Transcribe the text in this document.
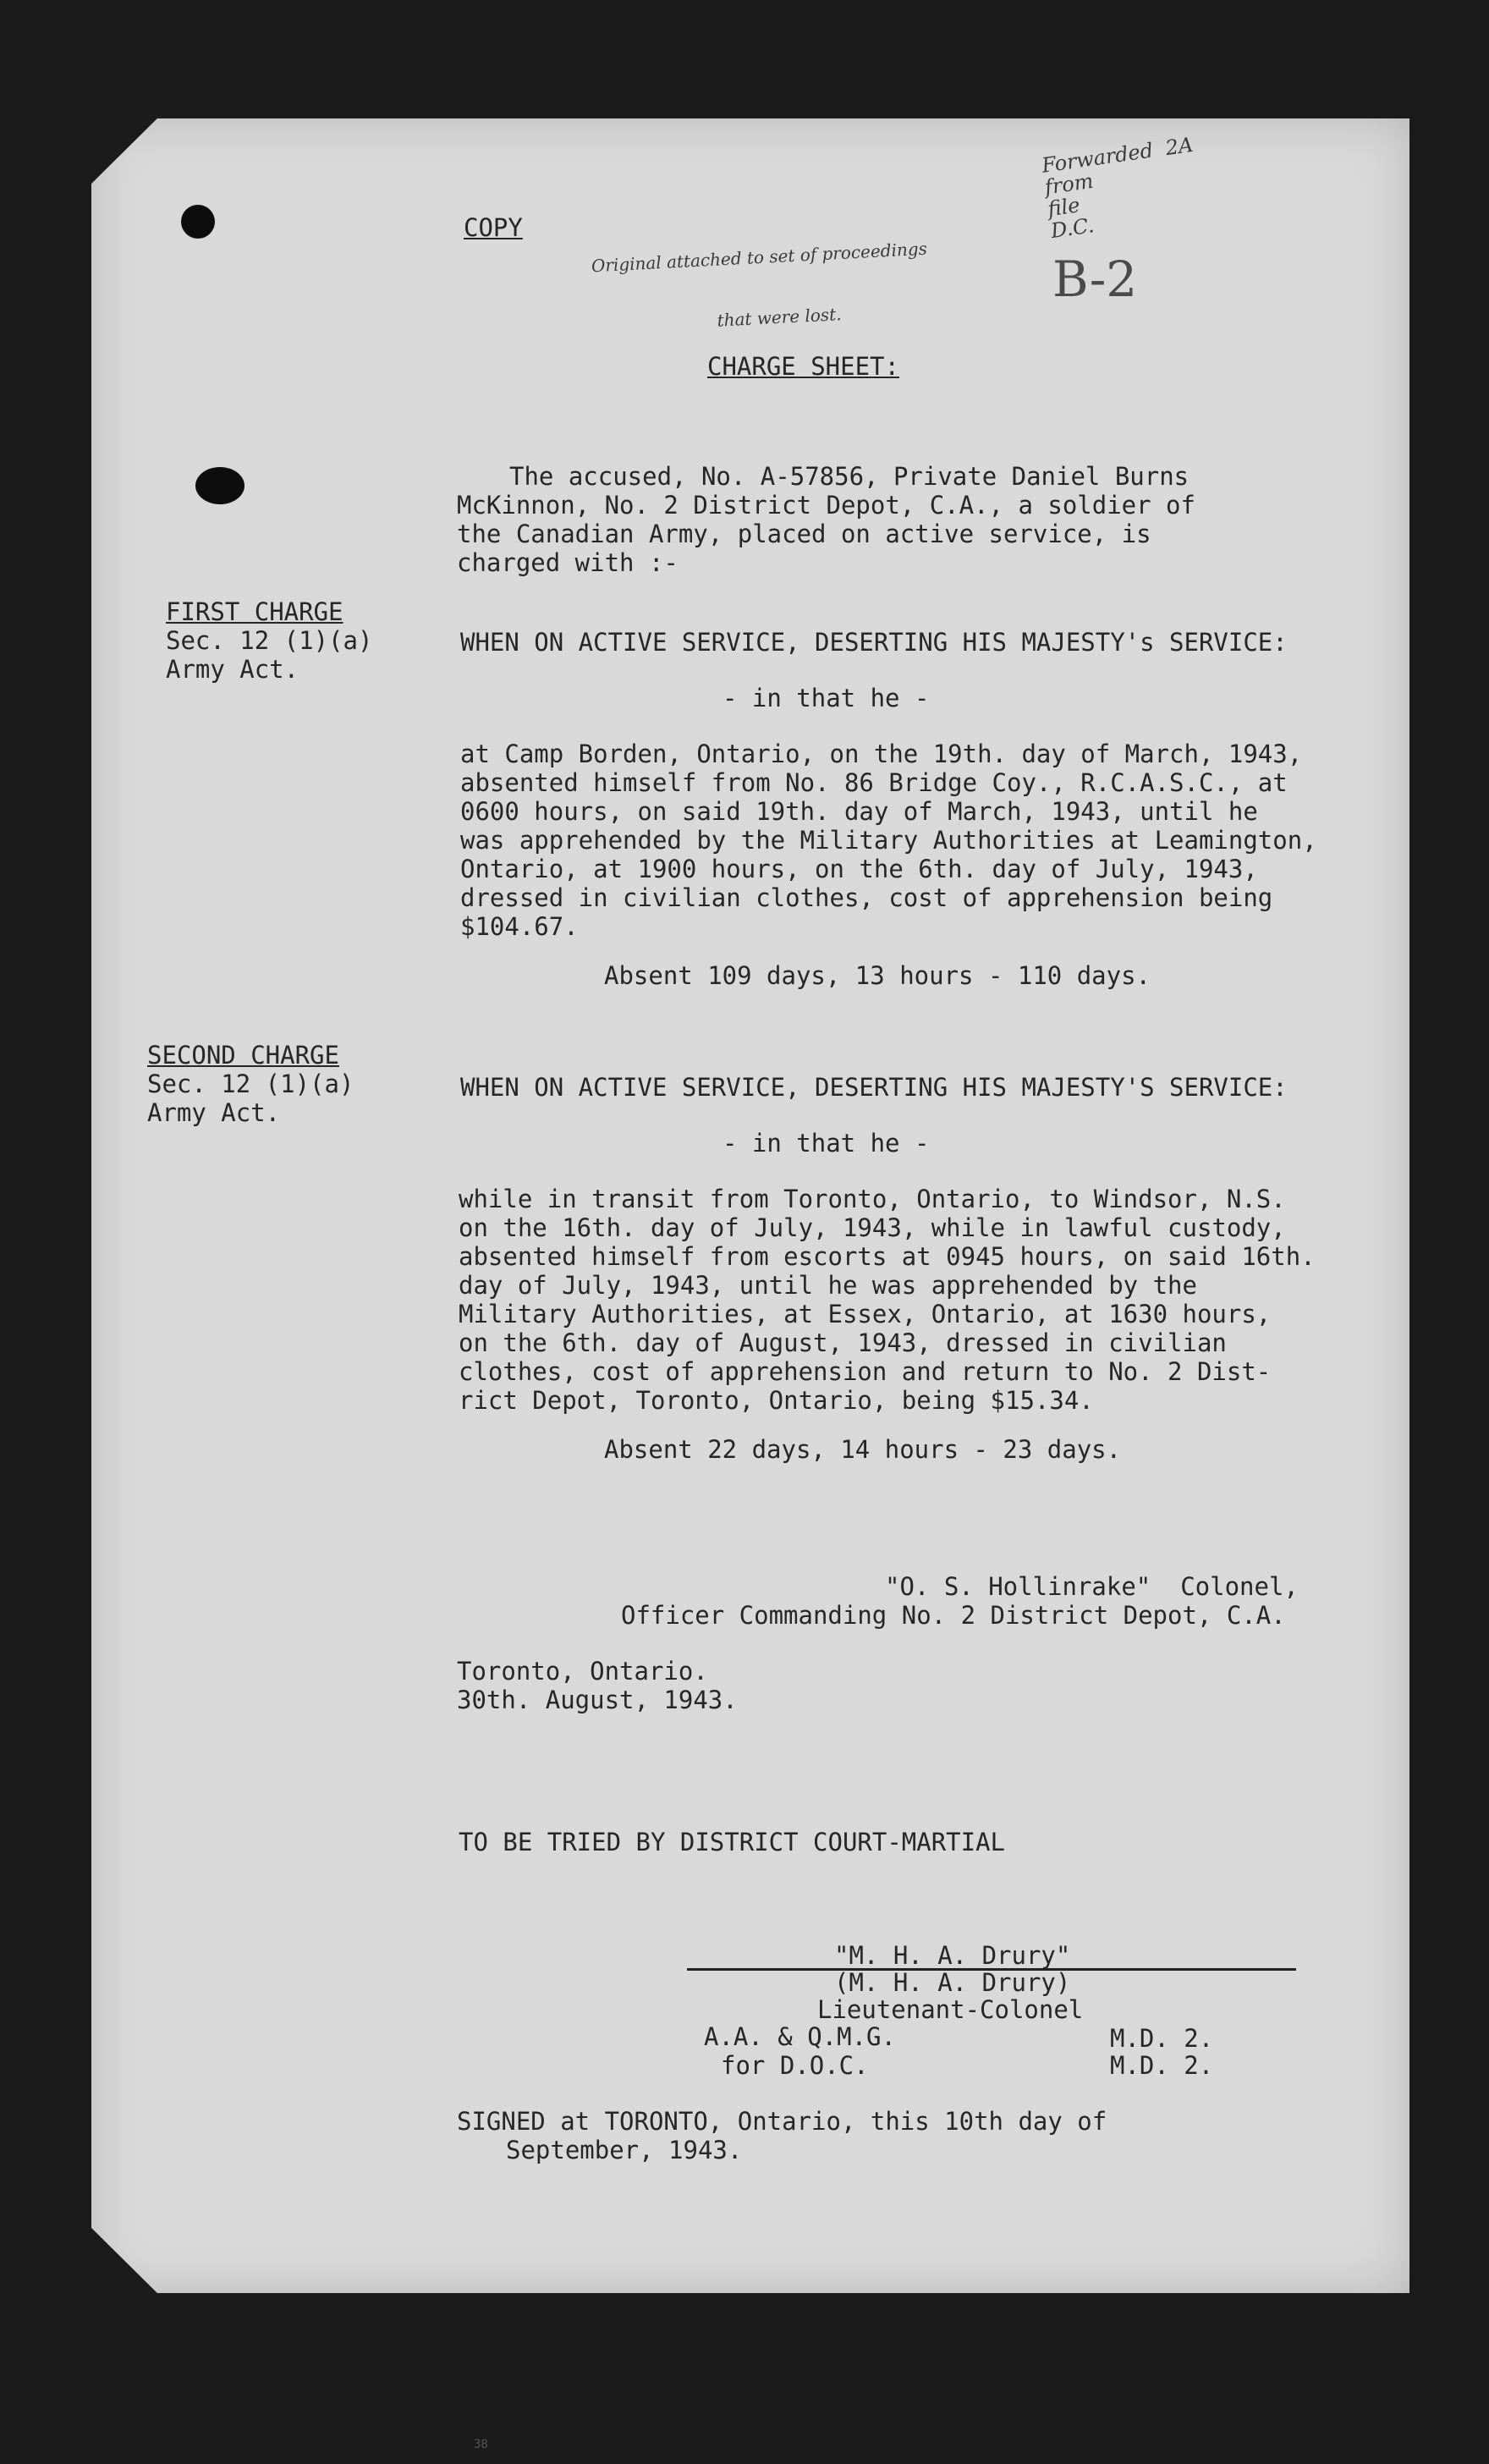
COPY

Original attached to set of proceedings

that were lost.

Forwarded  2A
from
file
D.C.
B-2
CHARGE SHEET:
The accused, No. A-57856, Private Daniel Burns
McKinnon, No. 2 District Depot, C.A., a soldier of
the Canadian Army, placed on active service, is
charged with :-
FIRST CHARGE
Sec. 12 (1)(a)
Army Act.
WHEN ON ACTIVE SERVICE, DESERTING HIS MAJESTY's SERVICE:
- in that he -
at Camp Borden, Ontario, on the 19th. day of March, 1943,
absented himself from No. 86 Bridge Coy., R.C.A.S.C., at
0600 hours, on said 19th. day of March, 1943, until he
was apprehended by the Military Authorities at Leamington,
Ontario, at 1900 hours, on the 6th. day of July, 1943,
dressed in civilian clothes, cost of apprehension being
$104.67.
Absent 109 days, 13 hours - 110 days.
SECOND CHARGE
Sec. 12 (1)(a)
Army Act.
WHEN ON ACTIVE SERVICE, DESERTING HIS MAJESTY'S SERVICE:
- in that he -
while in transit from Toronto, Ontario, to Windsor, N.S.
on the 16th. day of July, 1943, while in lawful custody,
absented himself from escorts at 0945 hours, on said 16th.
day of July, 1943, until he was apprehended by the
Military Authorities, at Essex, Ontario, at 1630 hours,
on the 6th. day of August, 1943, dressed in civilian
clothes, cost of apprehension and return to No. 2 Dist-
rict Depot, Toronto, Ontario, being $15.34.
Absent 22 days, 14 hours - 23 days.
"O. S. Hollinrake"  Colonel,
Officer Commanding No. 2 District Depot, C.A.
Toronto, Ontario.
30th. August, 1943.
TO BE TRIED BY DISTRICT COURT-MARTIAL
"M. H. A. Drury"
(M. H. A. Drury)
Lieutenant-Colonel
A.A. & Q.M.G.
for D.O.C.
M.D. 2.
M.D. 2.
SIGNED at TORONTO, Ontario, this 10th day of
September, 1943.
38
